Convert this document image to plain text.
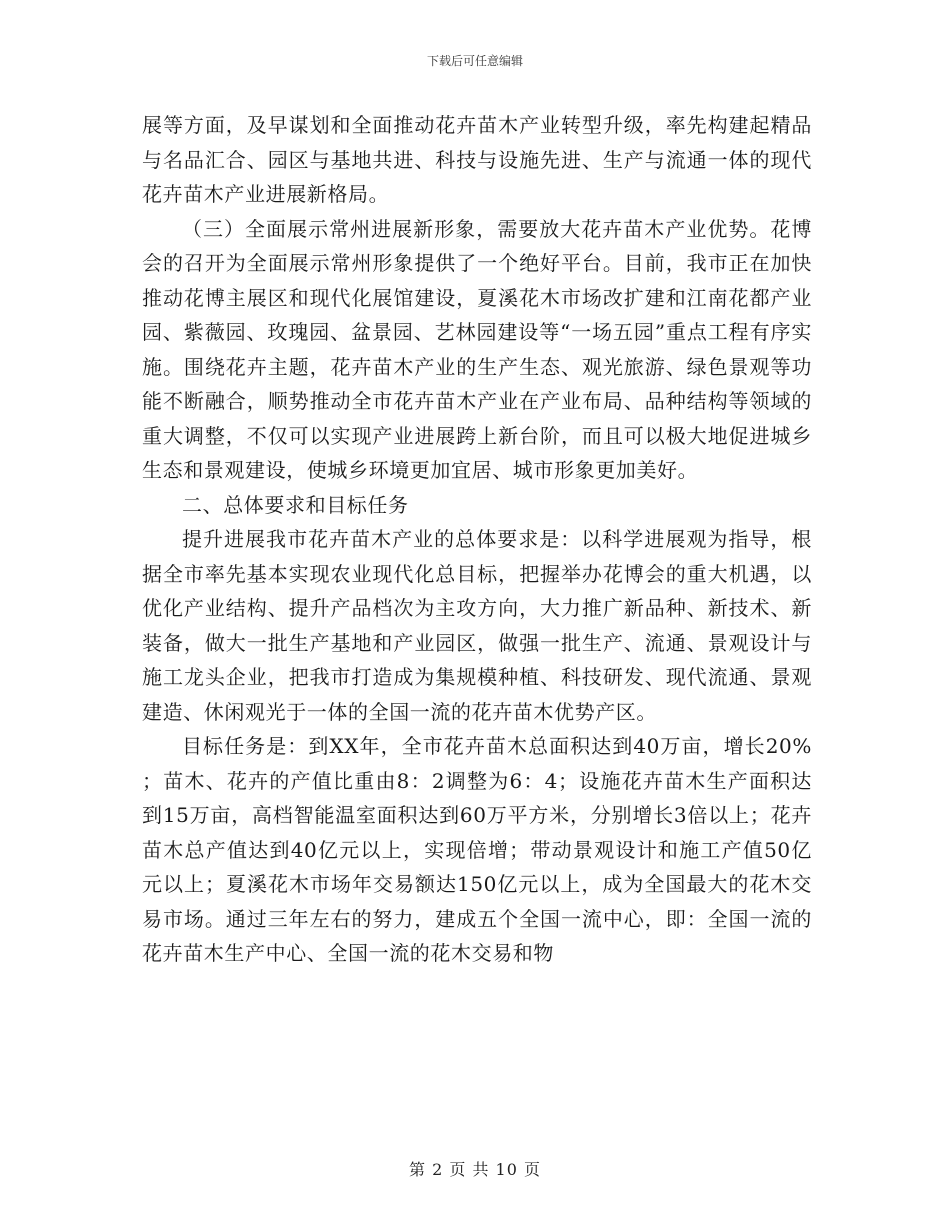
下载后可任意编辑

展等方面，及早谋划和全面推动花卉苗木产业转型升级，率先构建起精品与名品汇合、园区与基地共进、科技与设施先进、生产与流通一体的现代花卉苗木产业进展新格局。

（三）全面展示常州进展新形象，需要放大花卉苗木产业优势。花博会的召开为全面展示常州形象提供了一个绝好平台。目前，我市正在加快推动花博主展区和现代化展馆建设，夏溪花木市场改扩建和江南花都产业园、紫薇园、玫瑰园、盆景园、艺林园建设等“一场五园”重点工程有序实施。围绕花卉主题，花卉苗木产业的生产生态、观光旅游、绿色景观等功能不断融合，顺势推动全市花卉苗木产业在产业布局、品种结构等领域的重大调整，不仅可以实现产业进展跨上新台阶，而且可以极大地促进城乡生态和景观建设，使城乡环境更加宜居、城市形象更加美好。

二、总体要求和目标任务

提升进展我市花卉苗木产业的总体要求是：以科学进展观为指导，根据全市率先基本实现农业现代化总目标，把握举办花博会的重大机遇，以优化产业结构、提升产品档次为主攻方向，大力推广新品种、新技术、新装备，做大一批生产基地和产业园区，做强一批生产、流通、景观设计与施工龙头企业，把我市打造成为集规模种植、科技研发、现代流通、景观建造、休闲观光于一体的全国一流的花卉苗木优势产区。

目标任务是：到XX年，全市花卉苗木总面积达到40万亩，增长20%；苗木、花卉的产值比重由8：2调整为6：4；设施花卉苗木生产面积达到15万亩，高档智能温室面积达到60万平方米，分别增长3倍以上；花卉苗木总产值达到40亿元以上，实现倍增；带动景观设计和施工产值50亿元以上；夏溪花木市场年交易额达150亿元以上，成为全国最大的花木交易市场。通过三年左右的努力，建成五个全国一流中心，即：全国一流的花卉苗木生产中心、全国一流的花木交易和物

第 2 页 共 10 页
